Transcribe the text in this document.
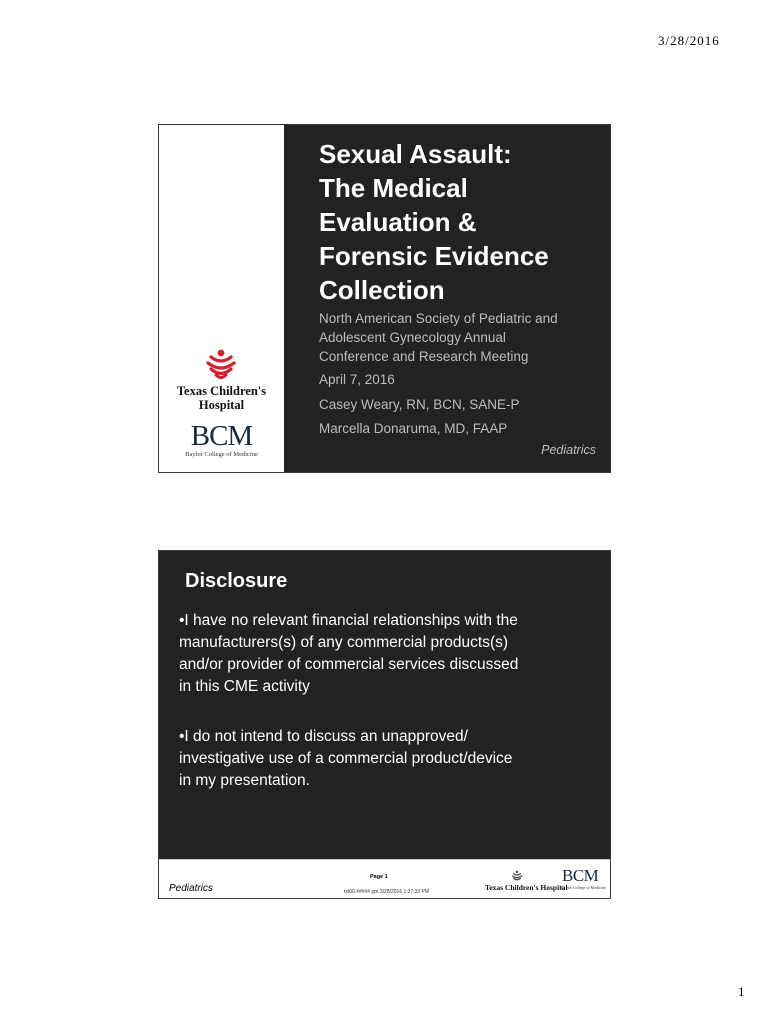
3/28/2016
Texas Children's
Hospital
BCM
Baylor College of Medicine
Sexual Assault:
The Medical
Evaluation &
Forensic Evidence
Collection
North American Society of Pediatric and
Adolescent Gynecology Annual
Conference and Research Meeting
April 7, 2016
Casey Weary, RN, BCN, SANE-P
Marcella Donaruma, MD, FAAP
Pediatrics
Disclosure
•I have no relevant financial relationships with the
manufacturers(s) of any commercial products(s)
and/or provider of commercial services discussed
in this CME activity
•I do not intend to discuss an unapproved/
investigative use of a commercial product/device
in my presentation.
Pediatrics
Page 1
txt00.##### ppt 3/28/2016 1:37:33 PM	Texas Children's Hospital
BCM
Baylor College of Medicine
1
